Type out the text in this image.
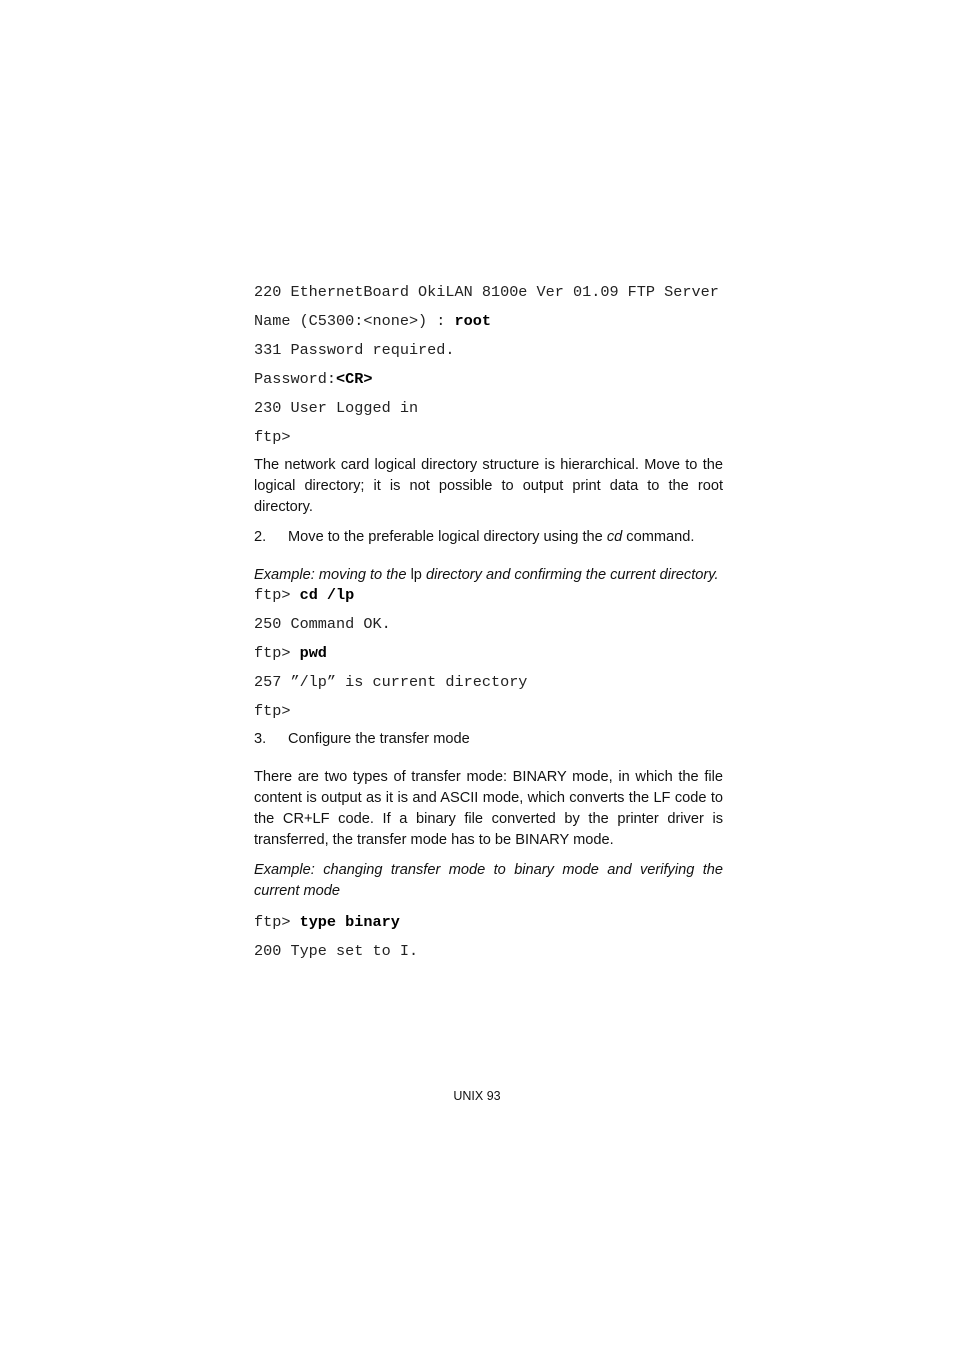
220 EthernetBoard OkiLAN 8100e Ver 01.09 FTP Server
Name (C5300:<none>) : root
331 Password required.
Password:<CR>
230 User Logged in
ftp>

The network card logical directory structure is hierarchical. Move to the logical directory; it is not possible to output print data to the root directory.

2.	Move to the preferable logical directory using the cd command.

Example: moving to the lp directory and confirming the current directory.

ftp> cd /lp
250 Command OK.
ftp> pwd
257 ”/lp” is current directory
ftp>
3.	Configure the transfer mode

There are two types of transfer mode: BINARY mode, in which the file content is output as it is and ASCII mode, which converts the LF code to the CR+LF code. If a binary file converted by the printer driver is transferred, the transfer mode has to be BINARY mode.

Example: changing transfer mode to binary mode and verifying the current mode

ftp> type binary
200 Type set to I.
UNIX 93
